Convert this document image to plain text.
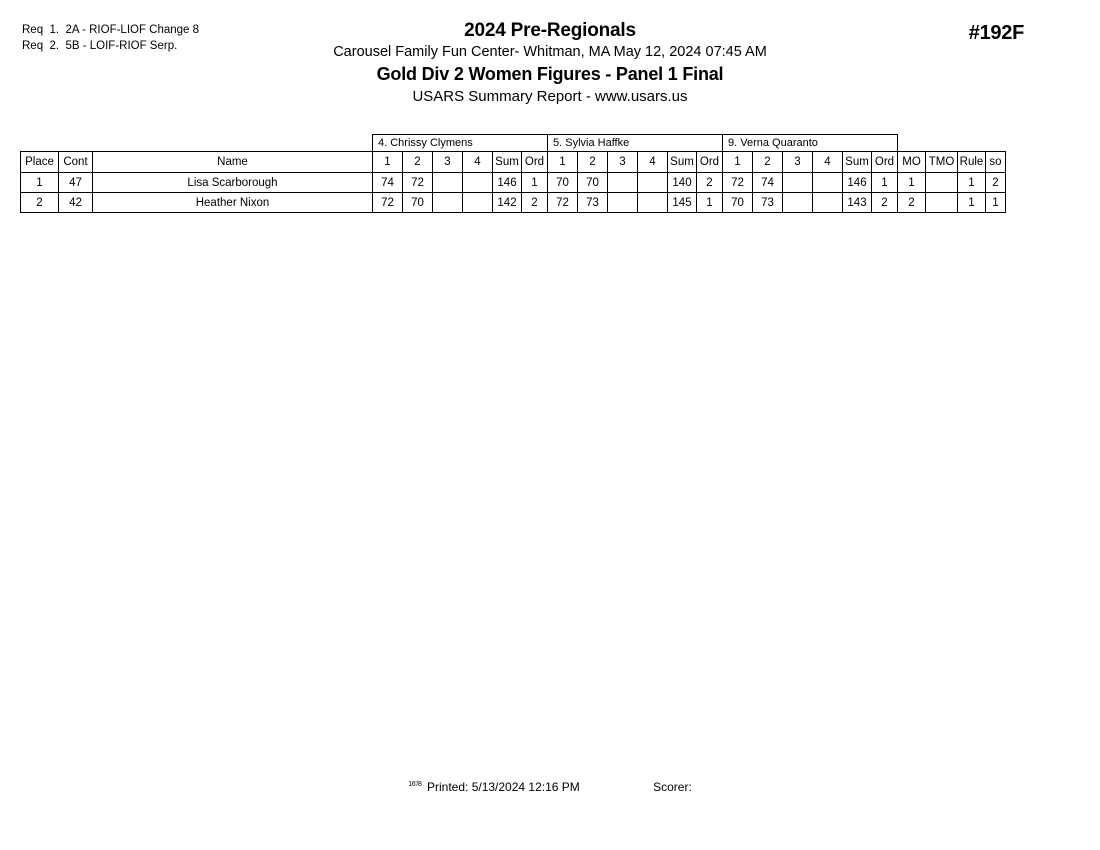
Req  1.  2A - RIOF-LIOF Change 8
Req  2.  5B - LOIF-RIOF Serp.
2024 Pre-Regionals
Carousel Family Fun Center- Whitman, MA May 12, 2024 07:45 AM
Gold Div 2 Women Figures - Panel 1 Final
USARS Summary Report - www.usars.us
#192F
			4. Chrissy Clymens						5. Sylvia Haffke						9. Verna Quaranto									
Place	Cont	Name	1	2	3	4	Sum	Ord	1	2	3	4	Sum	Ord	1	2	3	4	Sum	Ord	MO	TMO	Rule	so
1	47	Lisa Scarborough	74	72			146	1	70	70			140	2	72	74			146	1	1		1	2
2	42	Heather Nixon	72	70			142	2	72	73			145	1	70	73			143	2	2		1	1
$^{16'/8}$ Printed: 5/13/2024 12:16 PM	Scorer:
